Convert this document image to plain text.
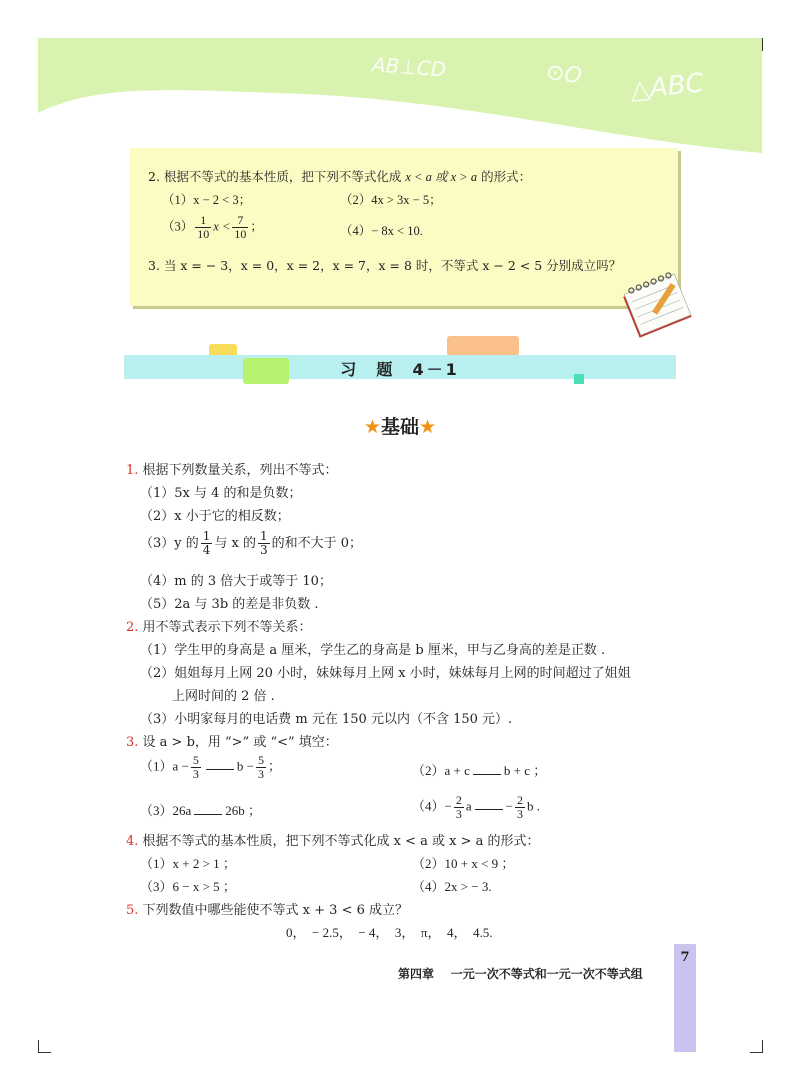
AB⊥CD	⊙O △ABC
2. 根据不等式的基本性质，把下列不等式化成 x < a 或 x > a 的形式：
（1）x − 2 < 3；	（2）4x > 3x − 5；
$(3) \frac{1}{10}$ $x < \frac{7}{10}$ ；	（4）− 8x < 10.
3. 当 x = − 3，x = 0，x = 2，x = 7，x = 8 时，不等式 x − 2 < 5 分别成立吗？
习  题  4－1
★基础★
1. 根据下列数量关系，列出不等式：
（1）5x 与 4 的和是负数；
（2）x 小于它的相反数；
（3）y 的 $\frac{1}{4}$ 与 x 的 $\frac{1}{3}$ 的和不大于 0；
（4）m 的 3 倍大于或等于 10；
（5）2a 与 3b 的差是非负数 .
2. 用不等式表示下列不等关系：
（1）学生甲的身高是 a 厘米，学生乙的身高是 b 厘米，甲与乙身高的差是正数 .
（2）姐姐每月上网 20 小时，妹妹每月上网 x 小时，妹妹每月上网的时间超过了姐姐
上网时间的 2 倍 .
（3）小明家每月的电话费 m 元在 150 元以内（不含 150 元）.
3. 设 a > b，用 “>” 或 “<” 填空：
$(1)a - \frac{5}{3}$	$b - \frac{5}{3}$ ；	（2）a + c	b + c ；
（3）26a	26b ；	$(4)- \frac{2}{3}$ a	− $\frac{2}{3}$ b .
4. 根据不等式的基本性质，把下列不等式化成 x < a 或 x > a 的形式：
（1）x + 2 > 1 ；	（2）10 + x < 9 ；
（3）6 − x > 5 ；	（4）2x > − 3.
5. 下列数值中哪些能使不等式 x + 3 < 6 成立？
0，  − 2.5，  − 4，  3，  π，  4，  4.5.
第四章    一元一次不等式和一元一次不等式组
7
